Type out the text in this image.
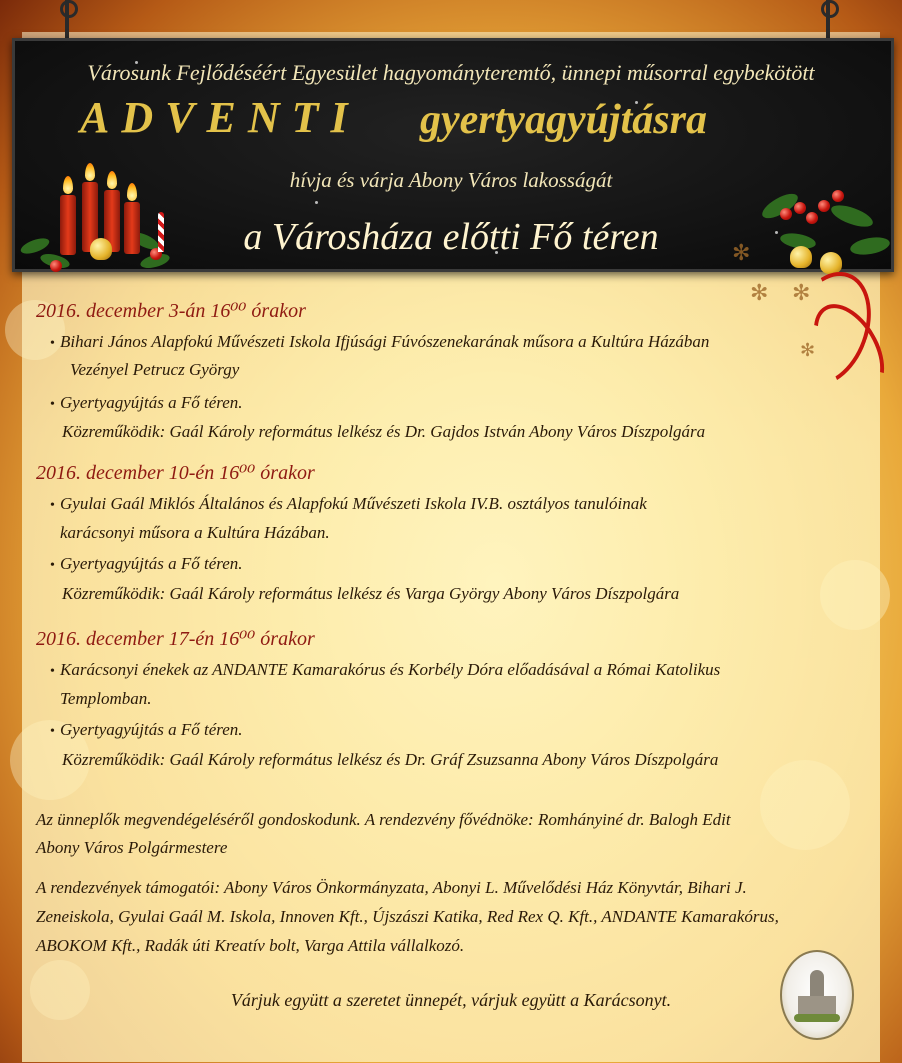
Városunk Fejlődéséért Egyesület hagyományteremtő, ünnepi műsorral egybekötött
ADVENTI gyertyagyújtásra
hívja és várja Abony Város lakosságát
a Városháza előtti Fő téren	✻
✻ ✻
✻
2016. december 3-án 16⁰⁰ órakor
• Bihari János Alapfokú Művészeti Iskola Ifjúsági Fúvószenekarának műsora a Kultúra Házában
Vezényel Petrucz György
• Gyertyagyújtás a Fő téren.
Közreműködik: Gaál Károly református lelkész és Dr. Gajdos István Abony Város Díszpolgára
2016. december 10-én 16⁰⁰ órakor
• Gyulai Gaál Miklós Általános és Alapfokú Művészeti Iskola IV.B. osztályos tanulóinak
karácsonyi műsora a Kultúra Házában.
• Gyertyagyújtás a Fő téren.
Közreműködik: Gaál Károly református lelkész és Varga György Abony Város Díszpolgára
2016. december 17-én 16⁰⁰ órakor
• Karácsonyi énekek az ANDANTE Kamarakórus és Korbély Dóra előadásával a Római Katolikus
Templomban.
• Gyertyagyújtás a Fő téren.
Közreműködik: Gaál Károly református lelkész és Dr. Gráf Zsuzsanna Abony Város Díszpolgára
Az ünneplők megvendégeléséről gondoskodunk. A rendezvény fővédnöke: Romhányiné dr. Balogh Edit
Abony Város Polgármestere
A rendezvények támogatói: Abony Város Önkormányzata, Abonyi L. Művelődési Ház Könyvtár, Bihari J.
Zeneiskola, Gyulai Gaál M. Iskola, Innoven Kft., Újszászi Katika, Red Rex Q. Kft., ANDANTE Kamarakórus,
ABOKOM Kft., Radák úti Kreatív bolt, Varga Attila vállalkozó.
Várjuk együtt a szeretet ünnepét, várjuk együtt a Karácsonyt.
